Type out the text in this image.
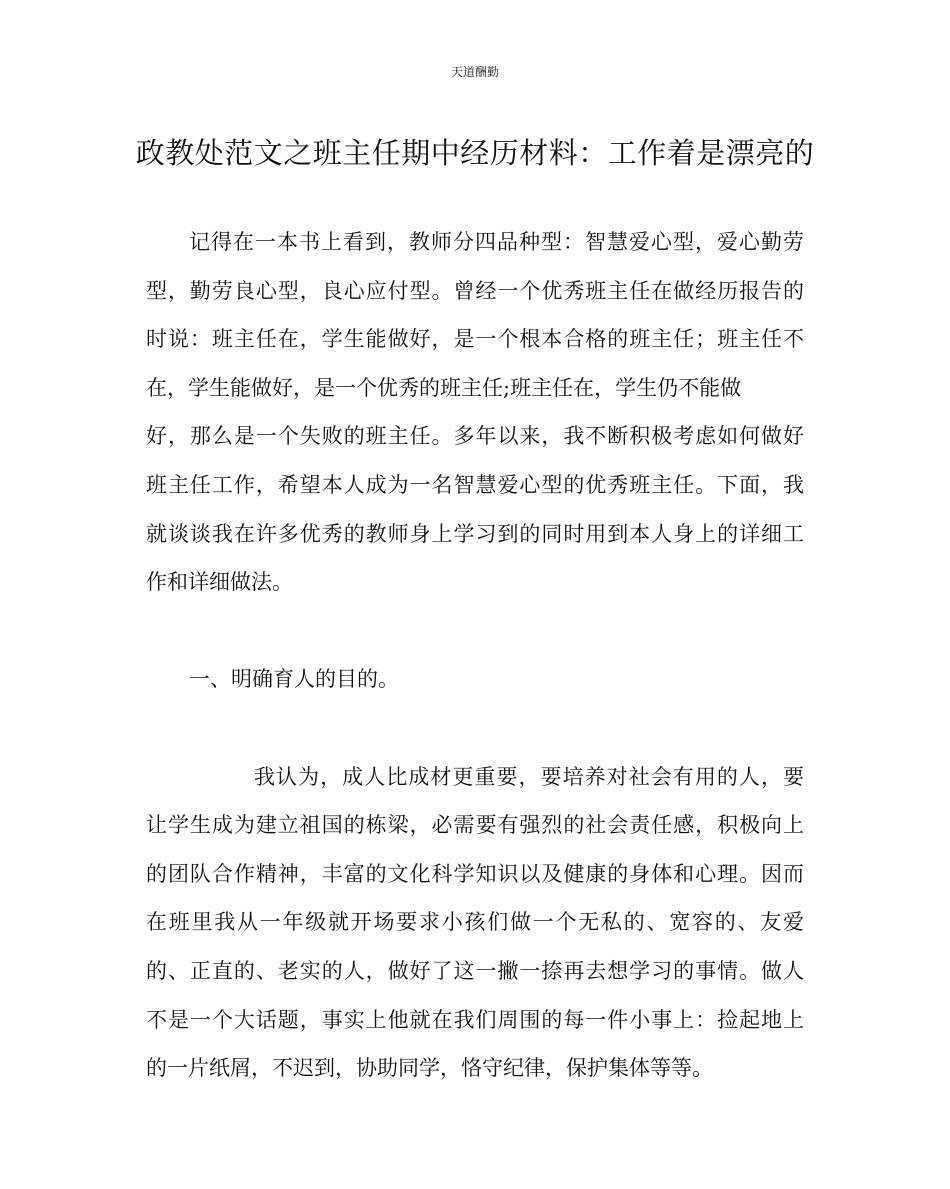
天道酬勤
政教处范文之班主任期中经历材料：工作着是漂亮的
记得在一本书上看到，教师分四品种型：智慧爱心型，爱心勤劳
型，勤劳良心型，良心应付型。曾经一个优秀班主任在做经历报告的
时说：班主任在，学生能做好，是一个根本合格的班主任；班主任不
在，学生能做好，是一个优秀的班主任;班主任在，学生仍不能做
好，那么是一个失败的班主任。多年以来，我不断积极考虑如何做好
班主任工作，希望本人成为一名智慧爱心型的优秀班主任。下面，我
就谈谈我在许多优秀的教师身上学习到的同时用到本人身上的详细工
作和详细做法。
一、明确育人的目的。
我认为，成人比成材更重要，要培养对社会有用的人，要
让学生成为建立祖国的栋梁，必需要有强烈的社会责任感，积极向上
的团队合作精神，丰富的文化科学知识以及健康的身体和心理。因而
在班里我从一年级就开场要求小孩们做一个无私的、宽容的、友爱
的、正直的、老实的人，做好了这一撇一捺再去想学习的事情。做人
不是一个大话题，事实上他就在我们周围的每一件小事上：捡起地上
的一片纸屑，不迟到，协助同学，恪守纪律，保护集体等等。
